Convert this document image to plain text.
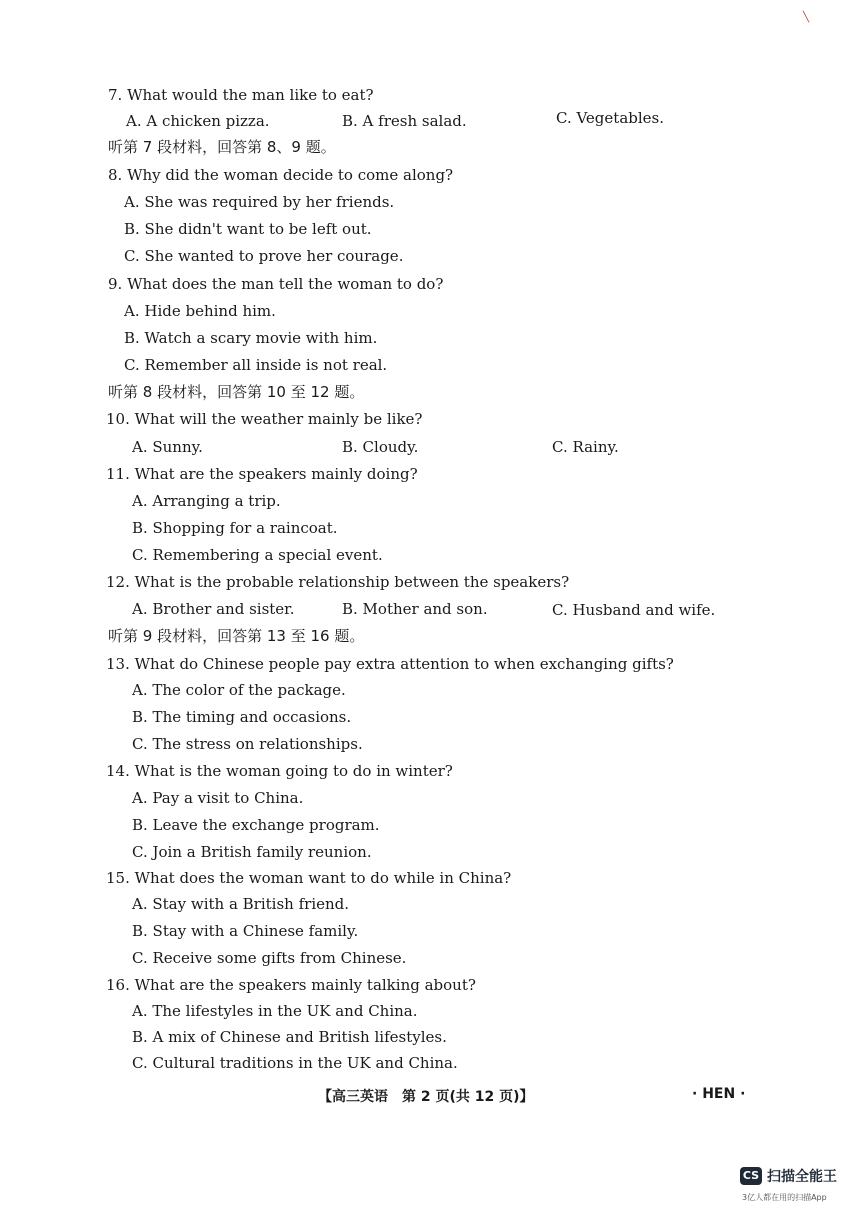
╲
7. What would the man like to eat?
A. A chicken pizza.	B. A fresh salad.	C. Vegetables.
听第 7 段材料，回答第 8、9 题。
8. Why did the woman decide to come along?
A. She was required by her friends.
B. She didn't want to be left out.
C. She wanted to prove her courage.
9. What does the man tell the woman to do?
A. Hide behind him.
B. Watch a scary movie with him.
C. Remember all inside is not real.
听第 8 段材料，回答第 10 至 12 题。
10. What will the weather mainly be like?
A. Sunny.	B. Cloudy.	C. Rainy.
11. What are the speakers mainly doing?
A. Arranging a trip.
B. Shopping for a raincoat.
C. Remembering a special event.
12. What is the probable relationship between the speakers?
A. Brother and sister.	B. Mother and son.	C. Husband and wife.
听第 9 段材料，回答第 13 至 16 题。
13. What do Chinese people pay extra attention to when exchanging gifts?
A. The color of the package.
B. The timing and occasions.
C. The stress on relationships.
14. What is the woman going to do in winter?
A. Pay a visit to China.
B. Leave the exchange program.
C. Join a British family reunion.
15. What does the woman want to do while in China?
A. Stay with a British friend.
B. Stay with a Chinese family.
C. Receive some gifts from Chinese.
16. What are the speakers mainly talking about?
A. The lifestyles in the UK and China.
B. A mix of Chinese and British lifestyles.
C. Cultural traditions in the UK and China.
【高三英语　第 2 页(共 12 页)】	· HEN ·
CS 扫描全能王
3亿人都在用的扫描App
